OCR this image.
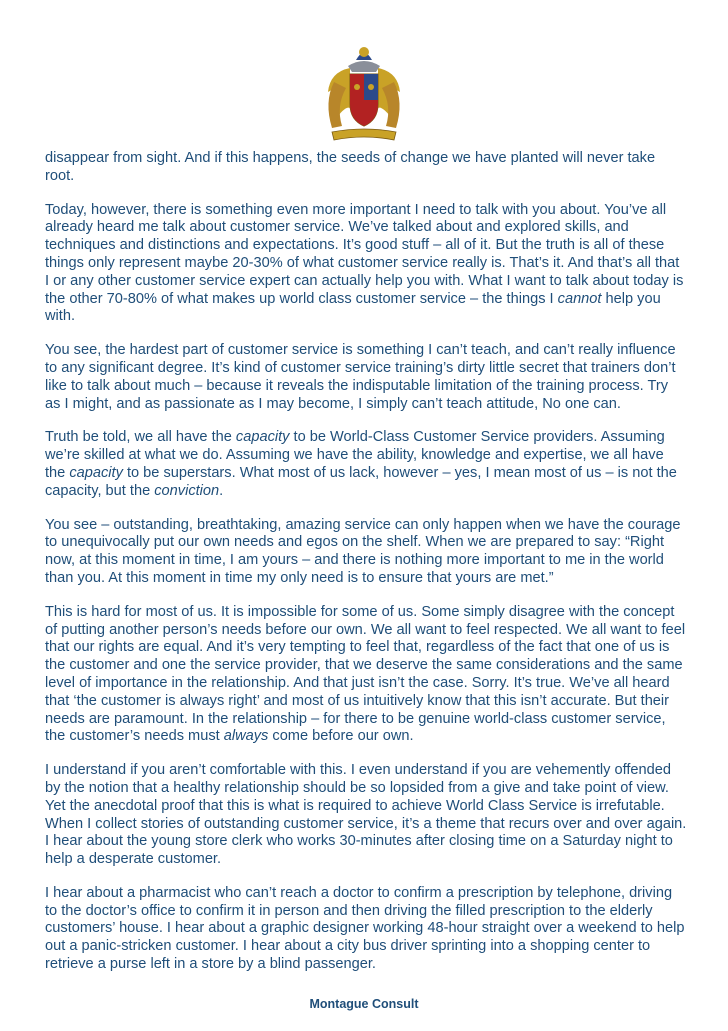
disappear from sight. And if this happens, the seeds of change we have planted will never take root.

Today, however, there is something even more important I need to talk with you about. You’ve all already heard me talk about customer service. We’ve talked about and explored skills, and techniques and distinctions and expectations. It’s good stuff – all of it. But the truth is all of these things only represent maybe 20-30% of what customer service really is. That’s it. And that’s all that I or any other customer service expert can actually help you with. What I want to talk about today is the other 70-80% of what makes up world class customer service – the things I cannot help you with.

You see, the hardest part of customer service is something I can’t teach, and can’t really influence to any significant degree. It’s kind of customer service training’s dirty little secret that trainers don’t like to talk about much – because it reveals the indisputable limitation of the training process. Try as I might, and as passionate as I may become, I simply can’t teach attitude, No one can.

Truth be told, we all have the capacity to be World-Class Customer Service providers. Assuming we’re skilled at what we do. Assuming we have the ability, knowledge and expertise, we all have the capacity to be superstars. What most of us lack, however – yes, I mean most of us – is not the capacity, but the conviction.

You see – outstanding, breathtaking, amazing service can only happen when we have the courage to unequivocally put our own needs and egos on the shelf. When we are prepared to say: “Right now, at this moment in time, I am yours – and there is nothing more important to me in the world than you. At this moment in time my only need is to ensure that yours are met.”

This is hard for most of us. It is impossible for some of us. Some simply disagree with the concept of putting another person’s needs before our own. We all want to feel respected. We all want to feel that our rights are equal. And it’s very tempting to feel that, regardless of the fact that one of us is the customer and one the service provider, that we deserve the same considerations and the same level of importance in the relationship. And that just isn’t the case. Sorry. It’s true. We’ve all heard that ‘the customer is always right’ and most of us intuitively know that this isn’t accurate. But their needs are paramount. In the relationship – for there to be genuine world-class customer service, the customer’s needs must always come before our own.

I understand if you aren’t comfortable with this. I even understand if you are vehemently offended by the notion that a healthy relationship should be so lopsided from a give and take point of view. Yet the anecdotal proof that this is what is required to achieve World Class Service is irrefutable. When I collect stories of outstanding customer service, it’s a theme that recurs over and over again. I hear about the young store clerk who works 30-minutes after closing time on a Saturday night to help a desperate customer.

I hear about a pharmacist who can’t reach a doctor to confirm a prescription by telephone, driving to the doctor’s office to confirm it in person and then driving the filled prescription to the elderly customers’ house. I hear about a graphic designer working 48-hour straight over a weekend to help out a panic-stricken customer. I hear about a city bus driver sprinting into a shopping center to retrieve a purse left in a store by a blind passenger.

Montague Consult
